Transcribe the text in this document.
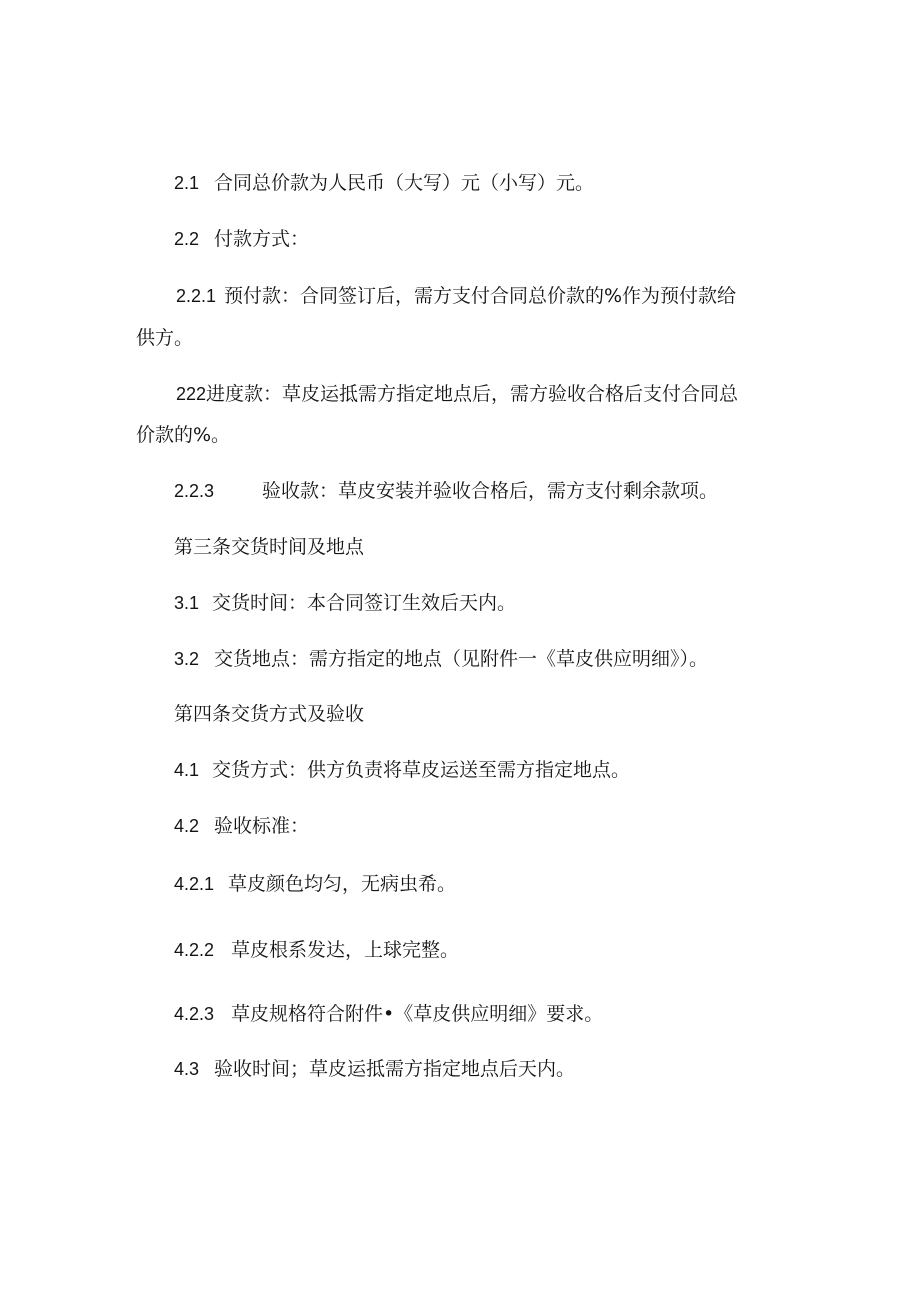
2.1 合同总价款为人民币（大写）元（小写）元。
2.2 付款方式：
2.2.1 预付款：合同签订后，需方支付合同总价款的%作为预付款给
供方。
222进度款：草皮运抵需方指定地点后，需方验收合格后支付合同总
价款的%。
2.2.3	验收款：草皮安装并验收合格后，需方支付剩余款项。
第三条交货时间及地点
3.1 交货时间：本合同签订生效后天内。
3.2 交货地点：需方指定的地点（见附件一《草皮供应明细》）。
第四条交货方式及验收
4.1 交货方式：供方负责将草皮运送至需方指定地点。
4.2 验收标准：
4.2.1 草皮颜色均匀，无病虫希。
4.2.2 草皮根系发达，上球完整。
4.2.3 草皮规格符合附件•《草皮供应明细》要求。
4.3 验收时间；草皮运抵需方指定地点后天内。
